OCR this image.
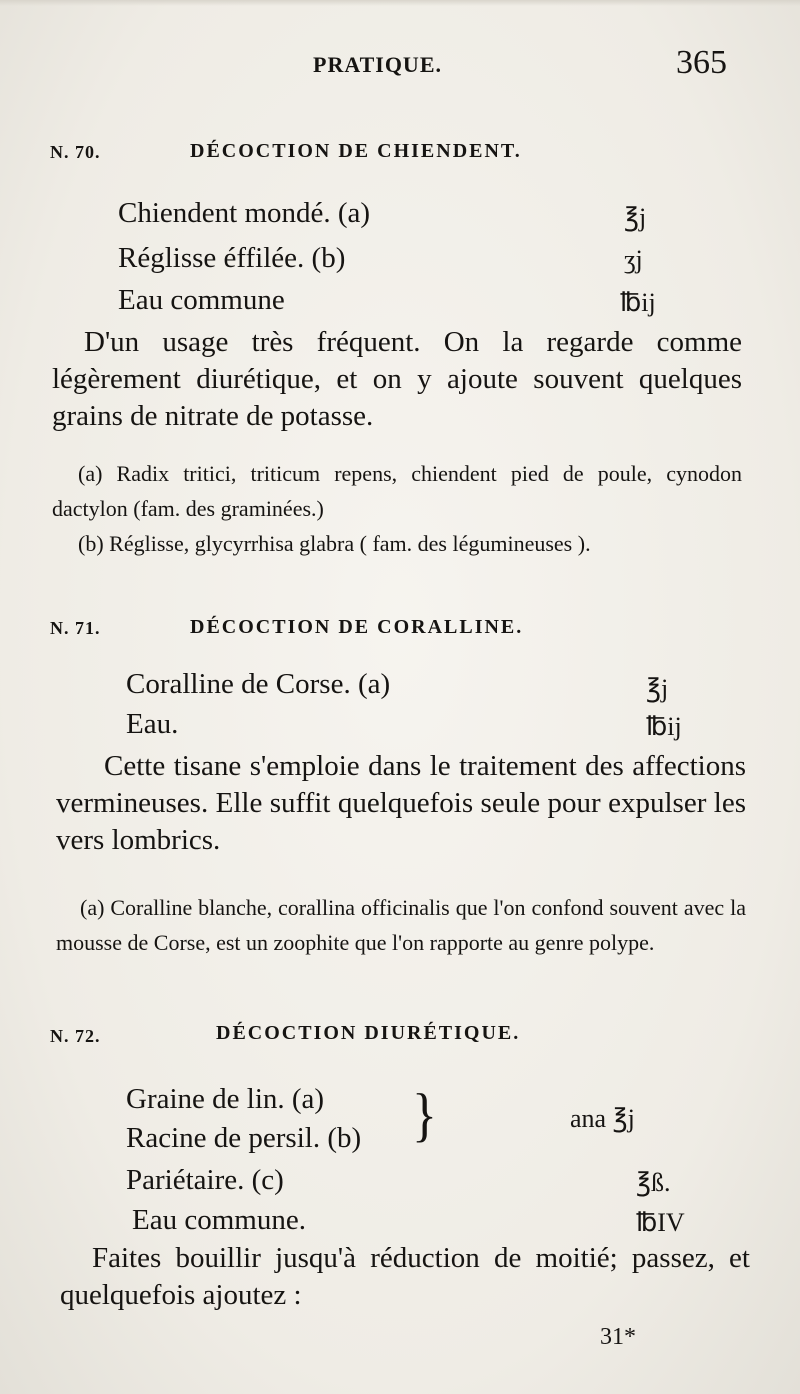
PRATIQUE.	365
N. 70.	DÉCOCTION DE CHIENDENT.
Chiendent mondé. (a)	℥j
Réglisse éffilée. (b)	ʒj
Eau commune	℔ij
D'un usage très fréquent. On la regarde comme légèrement diurétique, et on y ajoute souvent quelques grains de nitrate de potasse.
(a) Radix tritici, triticum repens, chiendent pied de poule, cynodon dactylon (fam. des graminées.)
(b) Réglisse, glycyrrhisa glabra ( fam. des légumineuses ).
N. 71.	DÉCOCTION DE CORALLINE.
Coralline de Corse. (a)	℥j
Eau.	℔ij
Cette tisane s'emploie dans le traitement des affections vermineuses. Elle suffit quelquefois seule pour expulser les vers lombrics.
(a) Coralline blanche, corallina officinalis que l'on confond souvent avec la mousse de Corse, est un zoophite que l'on rapporte au genre polype.
N. 72.	DÉCOCTION DIURÉTIQUE.
Graine de lin. (a)
Racine de persil. (b) }	ana ℥j
Pariétaire. (c)	℥ß.
Eau commune.	℔IV
Faites bouillir jusqu'à réduction de moitié; passez, et quelquefois ajoutez :
31*
